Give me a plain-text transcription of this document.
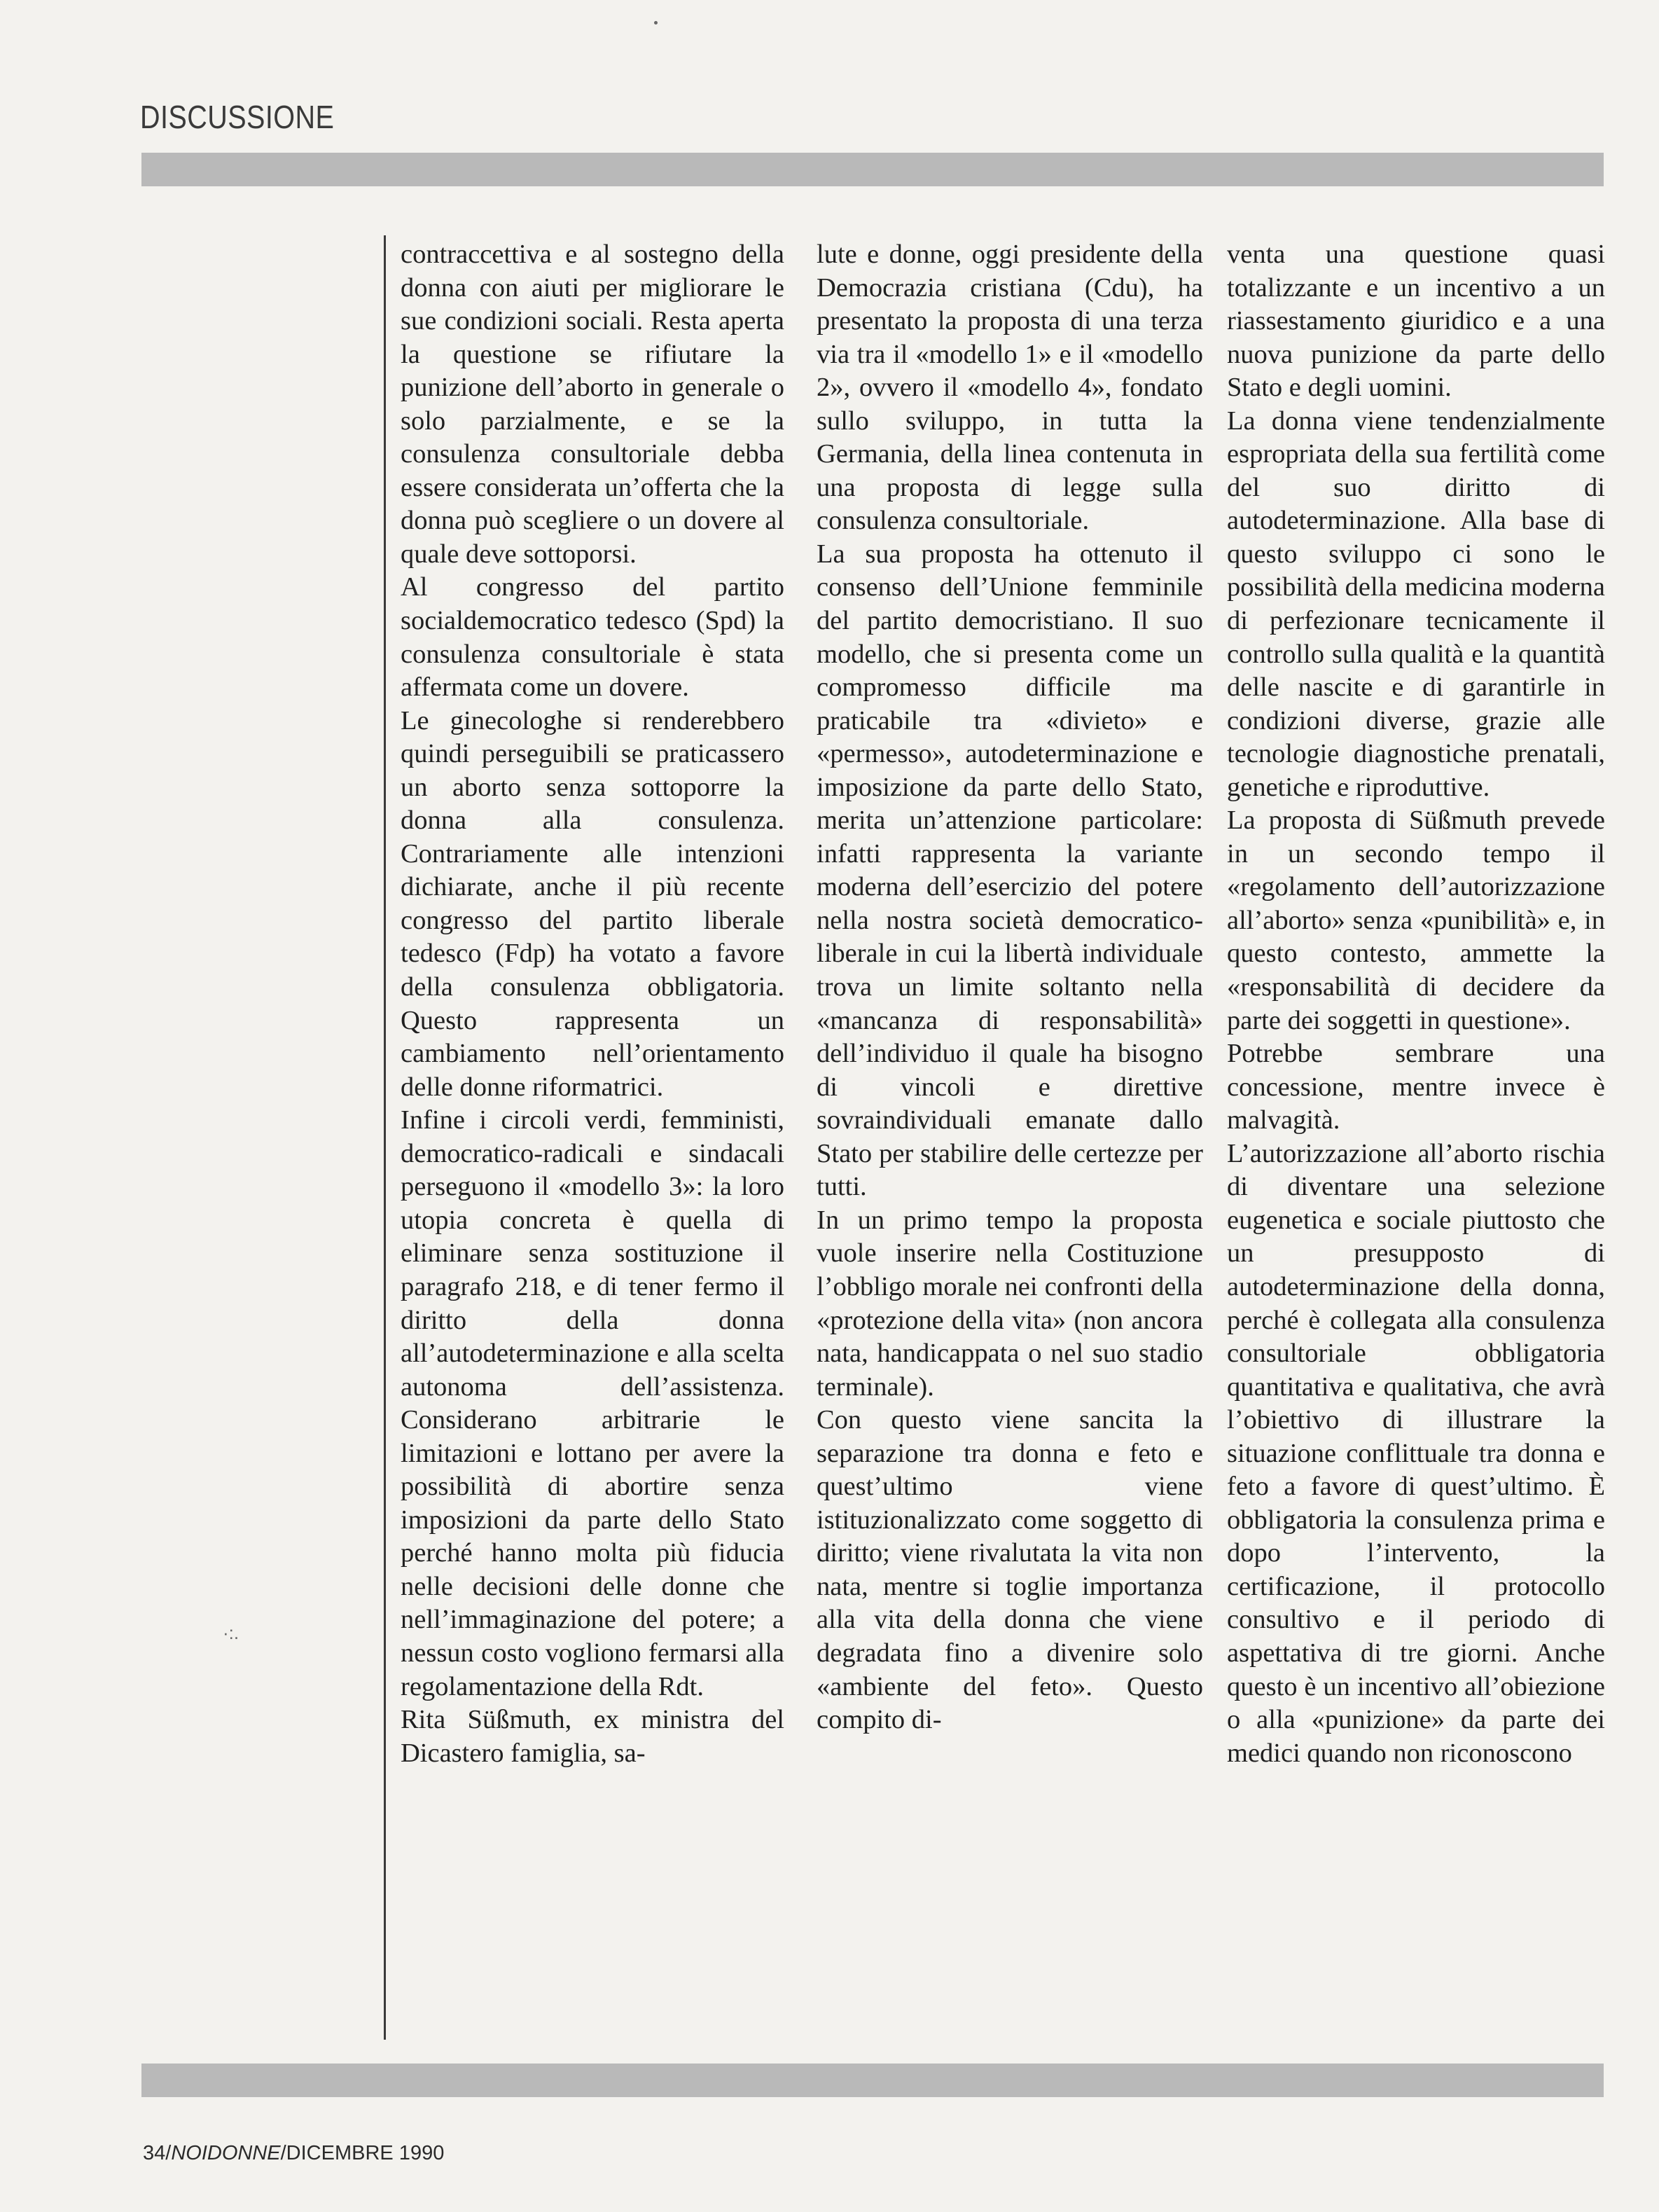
DISCUSSIONE
·:.

contraccettiva e al sostegno della donna con aiuti per migliorare le sue condizioni sociali. Resta aperta la questione se rifiutare la punizione dell’aborto in generale o solo parzialmente, e se la consulenza consultoriale debba essere considerata un’offerta che la donna può scegliere o un dovere al quale deve sottoporsi.

Al congresso del partito socialdemocratico tedesco (Spd) la consulenza consultoriale è stata affermata come un dovere.

Le ginecologhe si renderebbero quindi perseguibili se praticassero un aborto senza sottoporre la donna alla consulenza. Contrariamente alle intenzioni dichiarate, anche il più recente congresso del partito liberale tedesco (Fdp) ha votato a favore della consulenza obbligatoria. Questo rappresenta un cambiamento nell’orientamento delle donne riformatrici.

Infine i circoli verdi, femministi, democratico-radicali e sindacali perseguono il «modello 3»: la loro utopia concreta è quella di eliminare senza sostituzione il paragrafo 218, e di tener fermo il diritto della donna all’autodeterminazione e alla scelta autonoma dell’assistenza. Considerano arbitrarie le limitazioni e lottano per avere la possibilità di abortire senza imposizioni da parte dello Stato perché hanno molta più fiducia nelle decisioni delle donne che nell’immaginazione del potere; a nessun costo vogliono fermarsi alla regolamentazione della Rdt.

Rita Süßmuth, ex ministra del Dicastero famiglia, sa-

lute e donne, oggi presidente della Democrazia cristiana (Cdu), ha presentato la proposta di una terza via tra il «modello 1» e il «modello 2», ovvero il «modello 4», fondato sullo sviluppo, in tutta la Germania, della linea contenuta in una proposta di legge sulla consulenza consultoriale.

La sua proposta ha ottenuto il consenso dell’Unione femminile del partito democristiano. Il suo modello, che si presenta come un compromesso difficile ma praticabile tra «divieto» e «permesso», autodeterminazione e imposizione da parte dello Stato, merita un’attenzione particolare: infatti rappresenta la variante moderna dell’esercizio del potere nella nostra società democratico-liberale in cui la libertà individuale trova un limite soltanto nella «mancanza di responsabilità» dell’individuo il quale ha bisogno di vincoli e direttive sovraindividuali emanate dallo Stato per stabilire delle certezze per tutti.

In un primo tempo la proposta vuole inserire nella Costituzione l’obbligo morale nei confronti della «protezione della vita» (non ancora nata, handicappata o nel suo stadio terminale).

Con questo viene sancita la separazione tra donna e feto e quest’ultimo viene istituzionalizzato come soggetto di diritto; viene rivalutata la vita non nata, mentre si toglie importanza alla vita della donna che viene degradata fino a divenire solo «ambiente del feto». Questo compito di-

venta una questione quasi totalizzante e un incentivo a un riassestamento giuridico e a una nuova punizione da parte dello Stato e degli uomini.

La donna viene tendenzialmente espropriata della sua fertilità come del suo diritto di autodeterminazione. Alla base di questo sviluppo ci sono le possibilità della medicina moderna di perfezionare tecnicamente il controllo sulla qualità e la quantità delle nascite e di garantirle in condizioni diverse, grazie alle tecnologie diagnostiche prenatali, genetiche e riproduttive.

La proposta di Süßmuth prevede in un secondo tempo il «regolamento dell’autorizzazione all’aborto» senza «punibilità» e, in questo contesto, ammette la «responsabilità di decidere da parte dei soggetti in questione».

Potrebbe sembrare una concessione, mentre invece è malvagità.

L’autorizzazione all’aborto rischia di diventare una selezione eugenetica e sociale piuttosto che un presupposto di autodeterminazione della donna, perché è collegata alla consulenza consultoriale obbligatoria quantitativa e qualitativa, che avrà l’obiettivo di illustrare la situazione conflittuale tra donna e feto a favore di quest’ultimo. È obbligatoria la consulenza prima e dopo l’intervento, la certificazione, il protocollo consultivo e il periodo di aspettativa di tre giorni. Anche questo è un incentivo all’obiezione o alla «punizione» da parte dei medici quando non riconoscono

34/NOIDONNE/DICEMBRE 1990
